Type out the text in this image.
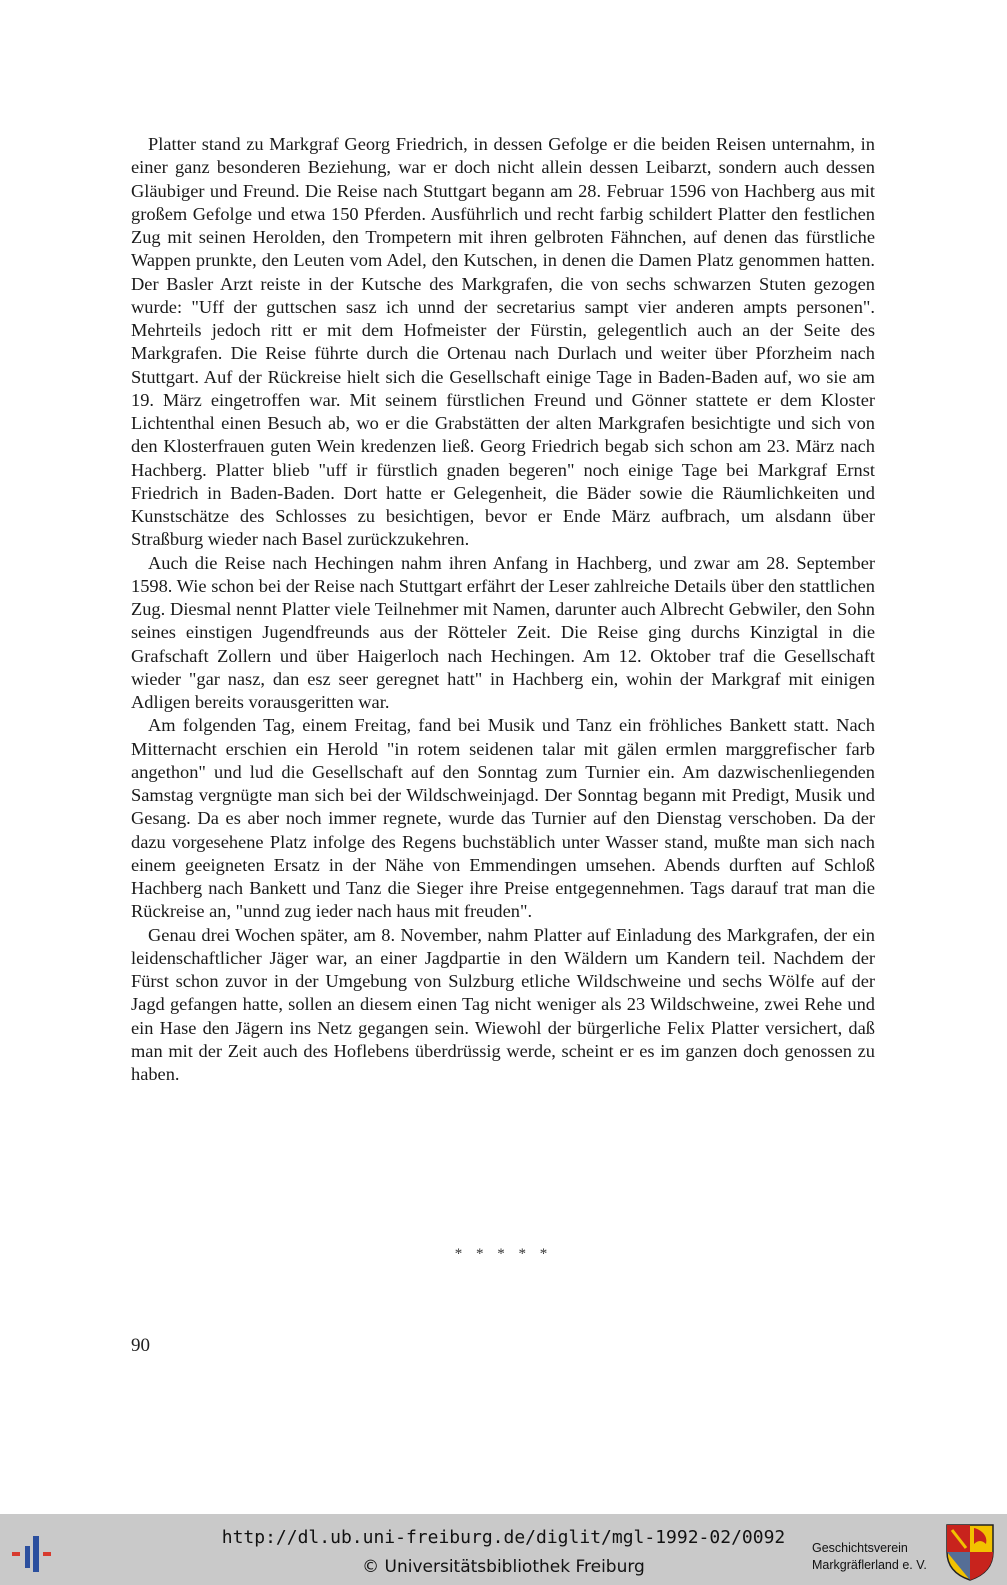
Platter stand zu Markgraf Georg Friedrich, in dessen Gefolge er die beiden Reisen unternahm, in einer ganz besonderen Beziehung, war er doch nicht allein dessen Leibarzt, sondern auch dessen Gläubiger und Freund. Die Reise nach Stuttgart begann am 28. Februar 1596 von Hachberg aus mit großem Gefolge und etwa 150 Pferden. Ausführlich und recht farbig schildert Platter den festlichen Zug mit seinen Herolden, den Trompetern mit ihren gelbroten Fähnchen, auf denen das fürstliche Wappen prunkte, den Leuten vom Adel, den Kutschen, in denen die Damen Platz genommen hatten. Der Basler Arzt reiste in der Kutsche des Markgrafen, die von sechs schwarzen Stuten gezogen wurde: "Uff der guttschen sasz ich unnd der secretarius sampt vier anderen ampts personen". Mehrteils jedoch ritt er mit dem Hofmeister der Fürstin, gelegentlich auch an der Seite des Markgrafen. Die Reise führte durch die Ortenau nach Durlach und weiter über Pforzheim nach Stuttgart. Auf der Rückreise hielt sich die Gesellschaft einige Tage in Baden-Baden auf, wo sie am 19. März eingetroffen war. Mit seinem fürstlichen Freund und Gönner stattete er dem Kloster Lichtenthal einen Besuch ab, wo er die Grabstätten der alten Markgrafen besichtigte und sich von den Klosterfrauen guten Wein kredenzen ließ. Georg Friedrich begab sich schon am 23. März nach Hachberg. Platter blieb "uff ir fürstlich gnaden begeren" noch einige Tage bei Markgraf Ernst Friedrich in Baden-Baden. Dort hatte er Gelegenheit, die Bäder sowie die Räumlichkeiten und Kunstschätze des Schlosses zu besichtigen, bevor er Ende März aufbrach, um alsdann über Straßburg wieder nach Basel zurückzukehren.

Auch die Reise nach Hechingen nahm ihren Anfang in Hachberg, und zwar am 28. September 1598. Wie schon bei der Reise nach Stuttgart erfährt der Leser zahlreiche Details über den stattlichen Zug. Diesmal nennt Platter viele Teilnehmer mit Namen, darunter auch Albrecht Gebwiler, den Sohn seines einstigen Jugendfreunds aus der Rötteler Zeit. Die Reise ging durchs Kinzigtal in die Grafschaft Zollern und über Haigerloch nach Hechingen. Am 12. Oktober traf die Gesellschaft wieder "gar nasz, dan esz seer geregnet hatt" in Hachberg ein, wohin der Markgraf mit einigen Adligen bereits vorausgeritten war.

Am folgenden Tag, einem Freitag, fand bei Musik und Tanz ein fröhliches Bankett statt. Nach Mitternacht erschien ein Herold "in rotem seidenen talar mit gälen ermlen marggrefischer farb angethon" und lud die Gesellschaft auf den Sonntag zum Turnier ein. Am dazwischenliegenden Samstag vergnügte man sich bei der Wildschweinjagd. Der Sonntag begann mit Predigt, Musik und Gesang. Da es aber noch immer regnete, wurde das Turnier auf den Dienstag verschoben. Da der dazu vorgesehene Platz infolge des Regens buchstäblich unter Wasser stand, mußte man sich nach einem geeigneten Ersatz in der Nähe von Emmendingen umsehen. Abends durften auf Schloß Hachberg nach Bankett und Tanz die Sieger ihre Preise entgegennehmen. Tags darauf trat man die Rückreise an, "unnd zug ieder nach haus mit freuden".

Genau drei Wochen später, am 8. November, nahm Platter auf Einladung des Markgrafen, der ein leidenschaftlicher Jäger war, an einer Jagdpartie in den Wäldern um Kandern teil. Nachdem der Fürst schon zuvor in der Umgebung von Sulzburg etliche Wildschweine und sechs Wölfe auf der Jagd gefangen hatte, sollen an diesem einen Tag nicht weniger als 23 Wildschweine, zwei Rehe und ein Hase den Jägern ins Netz gegangen sein. Wiewohl der bürgerliche Felix Platter versichert, daß man mit der Zeit auch des Hoflebens überdrüssig werde, scheint er es im ganzen doch genossen zu haben.

* * * * *
90
http://dl.ub.uni-freiburg.de/diglit/mgl-1992-02/0092
© Universitätsbibliothek Freiburg
Geschichtsverein
Markgräflerland e. V.
